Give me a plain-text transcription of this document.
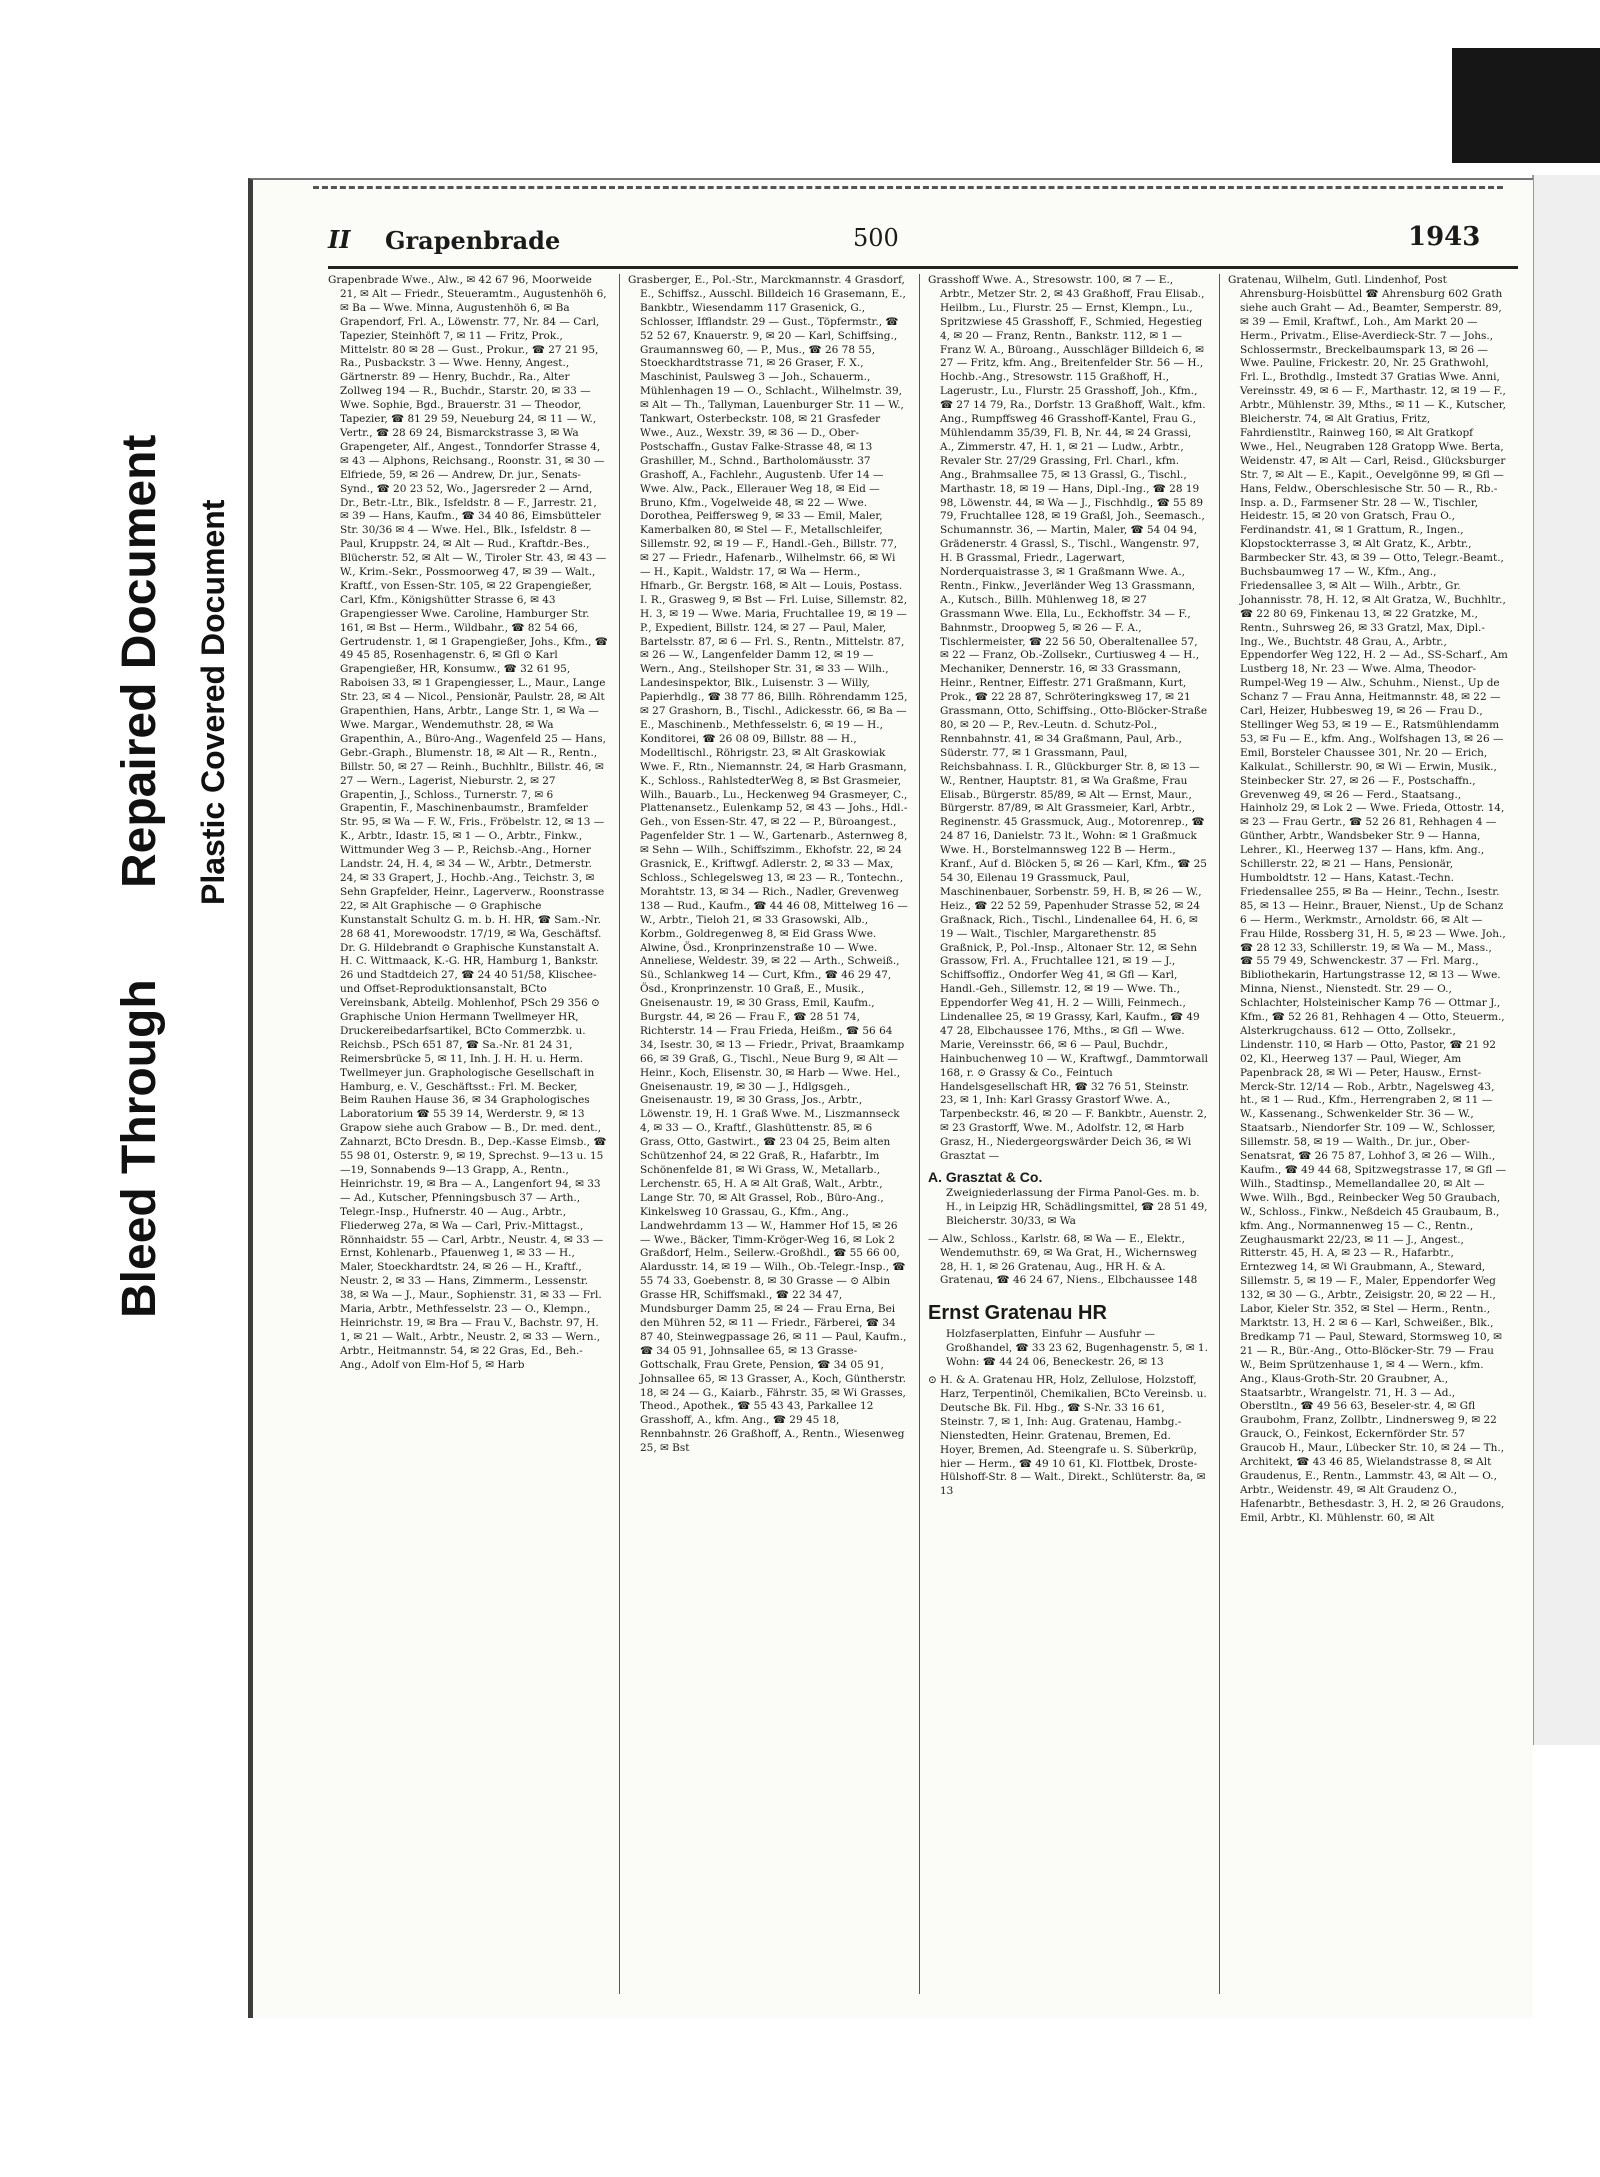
Bleed Through
Repaired Document Plastic Covered Document
II Grapenbrade	500	1943

Grapenbrade Wwe., Alw., ✉ 42 67 96, Moorweide 21, ✉ Alt — Friedr., Steueramtm., Augustenhöh 6, ✉ Ba — Wwe. Minna, Augustenhöh 6, ✉ Ba Grapendorf, Frl. A., Löwenstr. 77, Nr. 84 — Carl, Tapezier, Steinhöft 7, ✉ 11 — Fritz, Prok., Mittelstr. 80 ✉ 28 — Gust., Prokur., ☎ 27 21 95, Ra., Pusbackstr. 3 — Wwe. Henny, Angest., Gärtnerstr. 89 — Henry, Buchdr., Ra., Alter Zollweg 194 — R., Buchdr., Starstr. 20, ✉ 33 — Wwe. Sophie, Bgd., Brauerstr. 31 — Theodor, Tapezier, ☎ 81 29 59, Neueburg 24, ✉ 11 — W., Vertr., ☎ 28 69 24, Bismarckstrasse 3, ✉ Wa Grapengeter, Alf., Angest., Tonndorfer Strasse 4, ✉ 43 — Alphons, Reichsang., Roonstr. 31, ✉ 30 — Elfriede, 59, ✉ 26 — Andrew, Dr. jur., Senats-Synd., ☎ 20 23 52, Wo., Jagersreder 2 — Arnd, Dr., Betr.-Ltr., Blk., Isfeldstr. 8 — F., Jarrestr. 21, ✉ 39 — Hans, Kaufm., ☎ 34 40 86, Eimsbütteler Str. 30/36 ✉ 4 — Wwe. Hel., Blk., Isfeldstr. 8 — Paul, Kruppstr. 24, ✉ Alt — Rud., Kraftdr.-Bes., Blücherstr. 52, ✉ Alt — W., Tiroler Str. 43, ✉ 43 — W., Krim.-Sekr., Possmoorweg 47, ✉ 39 — Walt., Kraftf., von Essen-Str. 105, ✉ 22 Grapengießer, Carl, Kfm., Königshütter Strasse 6, ✉ 43 Grapengiesser Wwe. Caroline, Hamburger Str. 161, ✉ Bst — Herm., Wildbahr., ☎ 82 54 66, Gertrudenstr. 1, ✉ 1 Grapengießer, Johs., Kfm., ☎ 49 45 85, Rosenhagenstr. 6, ✉ Gfl ⊙ Karl Grapengießer, HR, Konsumw., ☎ 32 61 95, Raboisen 33, ✉ 1 Grapengiesser, L., Maur., Lange Str. 23, ✉ 4 — Nicol., Pensionär, Paulstr. 28, ✉ Alt Grapenthien, Hans, Arbtr., Lange Str. 1, ✉ Wa — Wwe. Margar., Wendemuthstr. 28, ✉ Wa Grapenthin, A., Büro-Ang., Wagenfeld 25 — Hans, Gebr.-Graph., Blumenstr. 18, ✉ Alt — R., Rentn., Billstr. 50, ✉ 27 — Reinh., Buchhltr., Billstr. 46, ✉ 27 — Wern., Lagerist, Nieburstr. 2, ✉ 27 Grapentin, J., Schloss., Turnerstr. 7, ✉ 6 Grapentin, F., Maschinenbaumstr., Bramfelder Str. 95, ✉ Wa — F. W., Fris., Fröbelstr. 12, ✉ 13 — K., Arbtr., Idastr. 15, ✉ 1 — O., Arbtr., Finkw., Wittmunder Weg 3 — P., Reichsb.-Ang., Horner Landstr. 24, H. 4, ✉ 34 — W., Arbtr., Detmerstr. 24, ✉ 33 Grapert, J., Hochb.-Ang., Teichstr. 3, ✉ Sehn Grapfelder, Heinr., Lagerverw., Roonstrasse 22, ✉ Alt Graphische — ⊙ Graphische Kunstanstalt Schultz G. m. b. H. HR, ☎ Sam.-Nr. 28 68 41, Morewoodstr. 17/19, ✉ Wa, Geschäftsf. Dr. G. Hildebrandt ⊙ Graphische Kunstanstalt A. H. C. Wittmaack, K.-G. HR, Hamburg 1, Bankstr. 26 und Stadtdeich 27, ☎ 24 40 51/58, Klischee- und Offset-Reproduktionsanstalt, BCto Vereinsbank, Abteilg. Mohlenhof, PSch 29 356 ⊙ Graphische Union Hermann Twellmeyer HR, Druckereibedarfsartikel, BCto Commerzbk. u. Reichsb., PSch 651 87, ☎ Sa.-Nr. 81 24 31, Reimersbrücke 5, ✉ 11, Inh. J. H. H. u. Herm. Twellmeyer jun. Graphologische Gesellschaft in Hamburg, e. V., Geschäftsst.: Frl. M. Becker, Beim Rauhen Hause 36, ✉ 34 Graphologisches Laboratorium ☎ 55 39 14, Werderstr. 9, ✉ 13 Grapow siehe auch Grabow — B., Dr. med. dent., Zahnarzt, BCto Dresdn. B., Dep.-Kasse Eimsb., ☎ 55 98 01, Osterstr. 9, ✉ 19, Sprechst. 9—13 u. 15—19, Sonnabends 9—13 Grapp, A., Rentn., Heinrichstr. 19, ✉ Bra — A., Langenfort 94, ✉ 33 — Ad., Kutscher, Pfenningsbusch 37 — Arth., Telegr.-Insp., Hufnerstr. 40 — Aug., Arbtr., Fliederweg 27a, ✉ Wa — Carl, Priv.-Mittagst., Rönnhaidstr. 55 — Carl, Arbtr., Neustr. 4, ✉ 33 — Ernst, Kohlenarb., Pfauenweg 1, ✉ 33 — H., Maler, Stoeckhardtstr. 24, ✉ 26 — H., Kraftf., Neustr. 2, ✉ 33 — Hans, Zimmerm., Lessenstr. 38, ✉ Wa — J., Maur., Sophienstr. 31, ✉ 33 — Frl. Maria, Arbtr., Methfesselstr. 23 — O., Klempn., Heinrichstr. 19, ✉ Bra — Frau V., Bachstr. 97, H. 1, ✉ 21 — Walt., Arbtr., Neustr. 2, ✉ 33 — Wern., Arbtr., Heitmannstr. 54, ✉ 22 Gras, Ed., Beh.-Ang., Adolf von Elm-Hof 5, ✉ Harb

Grasberger, E., Pol.-Str., Marckmannstr. 4 Grasdorf, E., Schiffsz., Ausschl. Billdeich 16 Grasemann, E., Bankbtr., Wiesendamm 117 Grasenick, G., Schlosser, Ifflandstr. 29 — Gust., Töpfermstr., ☎ 52 52 67, Knauerstr. 9, ✉ 20 — Karl, Schiffsing., Graumannsweg 60, — P., Mus., ☎ 26 78 55, Stoeckhardtstrasse 71, ✉ 26 Graser, F. X., Maschinist, Paulsweg 3 — Joh., Schauerm., Mühlenhagen 19 — O., Schlacht., Wilhelmstr. 39, ✉ Alt — Th., Tallyman, Lauenburger Str. 11 — W., Tankwart, Osterbeckstr. 108, ✉ 21 Grasfeder Wwe., Auz., Wexstr. 39, ✉ 36 — D., Ober-Postschaffn., Gustav Falke-Strasse 48, ✉ 13 Grashiller, M., Schnd., Bartholomäusstr. 37 Grashoff, A., Fachlehr., Augustenb. Ufer 14 — Wwe. Alw., Pack., Ellerauer Weg 18, ✉ Eid — Bruno, Kfm., Vogelweide 48, ✉ 22 — Wwe. Dorothea, Peiffersweg 9, ✉ 33 — Emil, Maler, Kamerbalken 80, ✉ Stel — F., Metallschleifer, Sillemstr. 92, ✉ 19 — F., Handl.-Geh., Billstr. 77, ✉ 27 — Friedr., Hafenarb., Wilhelmstr. 66, ✉ Wi — H., Kapit., Waldstr. 17, ✉ Wa — Herm., Hfnarb., Gr. Bergstr. 168, ✉ Alt — Louis, Postass. I. R., Grasweg 9, ✉ Bst — Frl. Luise, Sillemstr. 82, H. 3, ✉ 19 — Wwe. Maria, Fruchtallee 19, ✉ 19 — P., Expedient, Billstr. 124, ✉ 27 — Paul, Maler, Bartelsstr. 87, ✉ 6 — Frl. S., Rentn., Mittelstr. 87, ✉ 26 — W., Langenfelder Damm 12, ✉ 19 — Wern., Ang., Steilshoper Str. 31, ✉ 33 — Wilh., Landesinspektor, Blk., Luisenstr. 3 — Willy, Papierhdlg., ☎ 38 77 86, Billh. Röhrendamm 125, ✉ 27 Grashorn, B., Tischl., Adickesstr. 66, ✉ Ba — E., Maschinenb., Methfesselstr. 6, ✉ 19 — H., Konditorei, ☎ 26 08 09, Billstr. 88 — H., Modelltischl., Röhrigstr. 23, ✉ Alt Graskowiak Wwe. F., Rtn., Niemannstr. 24, ✉ Harb Grasmann, K., Schloss., RahlstedterWeg 8, ✉ Bst Grasmeier, Wilh., Bauarb., Lu., Heckenweg 94 Grasmeyer, C., Plattenansetz., Eulenkamp 52, ✉ 43 — Johs., Hdl.-Geh., von Essen-Str. 47, ✉ 22 — P., Büroangest., Pagenfelder Str. 1 — W., Gartenarb., Asternweg 8, ✉ Sehn — Wilh., Schiffszimm., Ekhofstr. 22, ✉ 24 Grasnick, E., Kriftwgf. Adlerstr. 2, ✉ 33 — Max, Schloss., Schlegelsweg 13, ✉ 23 — R., Tontechn., Morahtstr. 13, ✉ 34 — Rich., Nadler, Grevenweg 138 — Rud., Kaufm., ☎ 44 46 08, Mittelweg 16 — W., Arbtr., Tieloh 21, ✉ 33 Grasowski, Alb., Korbm., Goldregenweg 8, ✉ Eid Grass Wwe. Alwine, Ösd., Kronprinzenstraße 10 — Wwe. Anneliese, Weldestr. 39, ✉ 22 — Arth., Schweiß., Sü., Schlankweg 14 — Curt, Kfm., ☎ 46 29 47, Ösd., Kronprinzenstr. 10 Graß, E., Musik., Gneisenaustr. 19, ✉ 30 Grass, Emil, Kaufm., Burgstr. 44, ✉ 26 — Frau F., ☎ 28 51 74, Richterstr. 14 — Frau Frieda, Heißm., ☎ 56 64 34, Isestr. 30, ✉ 13 — Friedr., Privat, Braamkamp 66, ✉ 39 Graß, G., Tischl., Neue Burg 9, ✉ Alt — Heinr., Koch, Elisenstr. 30, ✉ Harb — Wwe. Hel., Gneisenaustr. 19, ✉ 30 — J., Hdlgsgeh., Gneisenaustr. 19, ✉ 30 Grass, Jos., Arbtr., Löwenstr. 19, H. 1 Graß Wwe. M., Liszmannseck 4, ✉ 33 — O., Kraftf., Glashüttenstr. 85, ✉ 6 Grass, Otto, Gastwirt., ☎ 23 04 25, Beim alten Schützenhof 24, ✉ 22 Graß, R., Hafarbtr., Im Schönenfelde 81, ✉ Wi Grass, W., Metallarb., Lerchenstr. 65, H. A ✉ Alt Graß, Walt., Arbtr., Lange Str. 70, ✉ Alt Grassel, Rob., Büro-Ang., Kinkelsweg 10 Grassau, G., Kfm., Ang., Landwehrdamm 13 — W., Hammer Hof 15, ✉ 26 — Wwe., Bäcker, Timm-Kröger-Weg 16, ✉ Lok 2 Graßdorf, Helm., Seilerw.-Großhdl., ☎ 55 66 00, Alardusstr. 14, ✉ 19 — Wilh., Ob.-Telegr.-Insp., ☎ 55 74 33, Goebenstr. 8, ✉ 30 Grasse — ⊙ Albin Grasse HR, Schiffsmakl., ☎ 22 34 47, Mundsburger Damm 25, ✉ 24 — Frau Erna, Bei den Mühren 52, ✉ 11 — Friedr., Färberei, ☎ 34 87 40, Steinwegpassage 26, ✉ 11 — Paul, Kaufm., ☎ 34 05 91, Johnsallee 65, ✉ 13 Grasse-Gottschalk, Frau Grete, Pension, ☎ 34 05 91, Johnsallee 65, ✉ 13 Grasser, A., Koch, Güntherstr. 18, ✉ 24 — G., Kaiarb., Fährstr. 35, ✉ Wi Grasses, Theod., Apothek., ☎ 55 43 43, Parkallee 12 Grasshoff, A., kfm. Ang., ☎ 29 45 18, Rennbahnstr. 26 Graßhoff, A., Rentn., Wiesenweg 25, ✉ Bst

Grasshoff Wwe. A., Stresowstr. 100, ✉ 7 — E., Arbtr., Metzer Str. 2, ✉ 43 Graßhoff, Frau Elisab., Heilbm., Lu., Flurstr. 25 — Ernst, Klempn., Lu., Spritzwiese 45 Grasshoff, F., Schmied, Hegestieg 4, ✉ 20 — Franz, Rentn., Bankstr. 112, ✉ 1 — Franz W. A., Büroang., Ausschläger Billdeich 6, ✉ 27 — Fritz, kfm. Ang., Breitenfelder Str. 56 — H., Hochb.-Ang., Stresowstr. 115 Graßhoff, H., Lagerustr., Lu., Flurstr. 25 Grasshoff, Joh., Kfm., ☎ 27 14 79, Ra., Dorfstr. 13 Graßhoff, Walt., kfm. Ang., Rumpffsweg 46 Grasshoff-Kantel, Frau G., Mühlendamm 35/39, Fl. B, Nr. 44, ✉ 24 Grassi, A., Zimmerstr. 47, H. 1, ✉ 21 — Ludw., Arbtr., Revaler Str. 27/29 Grassing, Frl. Charl., kfm. Ang., Brahmsallee 75, ✉ 13 Grassl, G., Tischl., Marthastr. 18, ✉ 19 — Hans, Dipl.-Ing., ☎ 28 19 98, Löwenstr. 44, ✉ Wa — J., Fischhdlg., ☎ 55 89 79, Fruchtallee 128, ✉ 19 Graßl, Joh., Seemasch., Schumannstr. 36, — Martin, Maler, ☎ 54 04 94, Grädenerstr. 4 Grassl, S., Tischl., Wangenstr. 97, H. B Grassmal, Friedr., Lagerwart, Norderquaistrasse 3, ✉ 1 Graßmann Wwe. A., Rentn., Finkw., Jeverländer Weg 13 Grassmann, A., Kutsch., Billh. Mühlenweg 18, ✉ 27 Grassmann Wwe. Ella, Lu., Eckhoffstr. 34 — F., Bahnmstr., Droopweg 5, ✉ 26 — F. A., Tischlermeister, ☎ 22 56 50, Oberaltenallee 57, ✉ 22 — Franz, Ob.-Zollsekr., Curtiusweg 4 — H., Mechaniker, Dennerstr. 16, ✉ 33 Grassmann, Heinr., Rentner, Eiffestr. 271 Graßmann, Kurt, Prok., ☎ 22 28 87, Schröteringksweg 17, ✉ 21 Grassmann, Otto, Schiffsing., Otto-Blöcker-Straße 80, ✉ 20 — P., Rev.-Leutn. d. Schutz-Pol., Rennbahnstr. 41, ✉ 34 Graßmann, Paul, Arb., Süderstr. 77, ✉ 1 Grassmann, Paul, Reichsbahnass. I. R., Glückburger Str. 8, ✉ 13 — W., Rentner, Hauptstr. 81, ✉ Wa Graßme, Frau Elisab., Bürgerstr. 85/89, ✉ Alt — Ernst, Maur., Bürgerstr. 87/89, ✉ Alt Grassmeier, Karl, Arbtr., Reginenstr. 45 Grassmuck, Aug., Motorenrep., ☎ 24 87 16, Danielstr. 73 lt., Wohn: ✉ 1 Graßmuck Wwe. H., Borstelmannsweg 122 B — Herm., Kranf., Auf d. Blöcken 5, ✉ 26 — Karl, Kfm., ☎ 25 54 30, Eilenau 19 Grassmuck, Paul, Maschinenbauer, Sorbenstr. 59, H. B, ✉ 26 — W., Heiz., ☎ 22 52 59, Papenhuder Strasse 52, ✉ 24 Graßnack, Rich., Tischl., Lindenallee 64, H. 6, ✉ 19 — Walt., Tischler, Margarethenstr. 85 Graßnick, P., Pol.-Insp., Altonaer Str. 12, ✉ Sehn Grassow, Frl. A., Fruchtallee 121, ✉ 19 — J., Schiffsoffiz., Ondorfer Weg 41, ✉ Gfl — Karl, Handl.-Geh., Sillemstr. 12, ✉ 19 — Wwe. Th., Eppendorfer Weg 41, H. 2 — Willi, Feinmech., Lindenallee 25, ✉ 19 Grassy, Karl, Kaufm., ☎ 49 47 28, Elbchaussee 176, Mths., ✉ Gfl — Wwe. Marie, Vereinsstr. 66, ✉ 6 — Paul, Buchdr., Hainbuchenweg 10 — W., Kraftwgf., Dammtorwall 168, r. ⊙ Grassy & Co., Feintuch Handelsgesellschaft HR, ☎ 32 76 51, Steinstr. 23, ✉ 1, Inh: Karl Grassy Grastorf Wwe. A., Tarpenbeckstr. 46, ✉ 20 — F. Bankbtr., Auenstr. 2, ✉ 23 Grastorff, Wwe. M., Adolfstr. 12, ✉ Harb Grasz, H., Niedergeorgswärder Deich 36, ✉ Wi Grasztat —

A. Grasztat & Co.

Zweigniederlassung der Firma Panol-Ges. m. b. H., in Leipzig HR, Schädlingsmittel, ☎ 28 51 49, Bleicherstr. 30/33, ✉ Wa

— Alw., Schloss., Karlstr. 68, ✉ Wa — E., Elektr., Wendemuthstr. 69, ✉ Wa Grat, H., Wichernsweg 28, H. 1, ✉ 26 Gratenau, Aug., HR H. & A. Gratenau, ☎ 46 24 67, Niens., Elbchaussee 148

Ernst Gratenau HR

Holzfaserplatten, Einfuhr — Ausfuhr — Großhandel, ☎ 33 23 62, Bugenhagenstr. 5, ✉ 1. Wohn: ☎ 44 24 06, Beneckestr. 26, ✉ 13

⊙ H. & A. Gratenau HR, Holz, Zellulose, Holzstoff, Harz, Terpentinöl, Chemikalien, BCto Vereinsb. u. Deutsche Bk. Fil. Hbg., ☎ S-Nr. 33 16 61, Steinstr. 7, ✉ 1, Inh: Aug. Gratenau, Hambg.-Nienstedten, Heinr. Gratenau, Bremen, Ed. Hoyer, Bremen, Ad. Steengrafe u. S. Süberkrüp, hier — Herm., ☎ 49 10 61, Kl. Flottbek, Droste-Hülshoff-Str. 8 — Walt., Direkt., Schlüterstr. 8a, ✉ 13

Gratenau, Wilhelm, Gutl. Lindenhof, Post Ahrensburg-Hoisbüttel ☎ Ahrensburg 602 Grath siehe auch Graht — Ad., Beamter, Semperstr. 89, ✉ 39 — Emil, Kraftwf., Loh., Am Markt 20 — Herm., Privatm., Elise-Averdieck-Str. 7 — Johs., Schlossermstr., Breckelbaumspark 13, ✉ 26 — Wwe. Pauline, Frickestr. 20, Nr. 25 Grathwohl, Frl. L., Brothdlg., Imstedt 37 Gratias Wwe. Anni, Vereinsstr. 49, ✉ 6 — F., Marthastr. 12, ✉ 19 — F., Arbtr., Mühlenstr. 39, Mths., ✉ 11 — K., Kutscher, Bleicherstr. 74, ✉ Alt Gratius, Fritz, Fahrdienstltr., Rainweg 160, ✉ Alt Gratkopf Wwe., Hel., Neugraben 128 Gratopp Wwe. Berta, Weidenstr. 47, ✉ Alt — Carl, Reisd., Glücksburger Str. 7, ✉ Alt — E., Kapit., Oevelgönne 99, ✉ Gfl — Hans, Feldw., Oberschlesische Str. 50 — R., Rb.-Insp. a. D., Farmsener Str. 28 — W., Tischler, Heidestr. 15, ✉ 20 von Gratsch, Frau O., Ferdinandstr. 41, ✉ 1 Grattum, R., Ingen., Klopstockterrasse 3, ✉ Alt Gratz, K., Arbtr., Barmbecker Str. 43, ✉ 39 — Otto, Telegr.-Beamt., Buchsbaumweg 17 — W., Kfm., Ang., Friedensallee 3, ✉ Alt — Wilh., Arbtr., Gr. Johannisstr. 78, H. 12, ✉ Alt Gratza, W., Buchhltr., ☎ 22 80 69, Finkenau 13, ✉ 22 Gratzke, M., Rentn., Suhrsweg 26, ✉ 33 Gratzl, Max, Dipl.-Ing., We., Buchtstr. 48 Grau, A., Arbtr., Eppendorfer Weg 122, H. 2 — Ad., SS-Scharf., Am Lustberg 18, Nr. 23 — Wwe. Alma, Theodor-Rumpel-Weg 19 — Alw., Schuhm., Nienst., Up de Schanz 7 — Frau Anna, Heitmannstr. 48, ✉ 22 — Carl, Heizer, Hubbesweg 19, ✉ 26 — Frau D., Stellinger Weg 53, ✉ 19 — E., Ratsmühlendamm 53, ✉ Fu — E., kfm. Ang., Wolfshagen 13, ✉ 26 — Emil, Borsteler Chaussee 301, Nr. 20 — Erich, Kalkulat., Schillerstr. 90, ✉ Wi — Erwin, Musik., Steinbecker Str. 27, ✉ 26 — F., Postschaffn., Grevenweg 49, ✉ 26 — Ferd., Staatsang., Hainholz 29, ✉ Lok 2 — Wwe. Frieda, Ottostr. 14, ✉ 23 — Frau Gertr., ☎ 52 26 81, Rehhagen 4 — Günther, Arbtr., Wandsbeker Str. 9 — Hanna, Lehrer., Kl., Heerweg 137 — Hans, kfm. Ang., Schillerstr. 22, ✉ 21 — Hans, Pensionär, Humboldtstr. 12 — Hans, Katast.-Techn. Friedensallee 255, ✉ Ba — Heinr., Techn., Isestr. 85, ✉ 13 — Heinr., Brauer, Nienst., Up de Schanz 6 — Herm., Werkmstr., Arnoldstr. 66, ✉ Alt — Frau Hilde, Rossberg 31, H. 5, ✉ 23 — Wwe. Joh., ☎ 28 12 33, Schillerstr. 19, ✉ Wa — M., Mass., ☎ 55 79 49, Schwenckestr. 37 — Frl. Marg., Bibliothekarin, Hartungstrasse 12, ✉ 13 — Wwe. Minna, Nienst., Nienstedt. Str. 29 — O., Schlachter, Holsteinischer Kamp 76 — Ottmar J., Kfm., ☎ 52 26 81, Rehhagen 4 — Otto, Steuerm., Alsterkrugchauss. 612 — Otto, Zollsekr., Lindenstr. 110, ✉ Harb — Otto, Pastor, ☎ 21 92 02, Kl., Heerweg 137 — Paul, Wieger, Am Papenbrack 28, ✉ Wi — Peter, Hausw., Ernst-Merck-Str. 12/14 — Rob., Arbtr., Nagelsweg 43, ht., ✉ 1 — Rud., Kfm., Herrengraben 2, ✉ 11 — W., Kassenang., Schwenkelder Str. 36 — W., Staatsarb., Niendorfer Str. 109 — W., Schlosser, Sillemstr. 58, ✉ 19 — Walth., Dr. jur., Ober-Senatsrat, ☎ 26 75 87, Lohhof 3, ✉ 26 — Wilh., Kaufm., ☎ 49 44 68, Spitzwegstrasse 17, ✉ Gfl — Wilh., Stadtinsp., Memellandallee 20, ✉ Alt — Wwe. Wilh., Bgd., Reinbecker Weg 50 Graubach, W., Schloss., Finkw., Neßdeich 45 Graubaum, B., kfm. Ang., Normannenweg 15 — C., Rentn., Zeughausmarkt 22/23, ✉ 11 — J., Angest., Ritterstr. 45, H. A, ✉ 23 — R., Hafarbtr., Erntezweg 14, ✉ Wi Graubmann, A., Steward, Sillemstr. 5, ✉ 19 — F., Maler, Eppendorfer Weg 132, ✉ 30 — G., Arbtr., Zeisigstr. 20, ✉ 22 — H., Labor, Kieler Str. 352, ✉ Stel — Herm., Rentn., Marktstr. 13, H. 2 ✉ 6 — Karl, Schweißer., Blk., Bredkamp 71 — Paul, Steward, Stormsweg 10, ✉ 21 — R., Bür.-Ang., Otto-Blöcker-Str. 79 — Frau W., Beim Sprützenhause 1, ✉ 4 — Wern., kfm. Ang., Klaus-Groth-Str. 20 Graubner, A., Staatsarbtr., Wrangelstr. 71, H. 3 — Ad., Oberstltn., ☎ 49 56 63, Beseler-str. 4, ✉ Gfl Graubohm, Franz, Zollbtr., Lindnersweg 9, ✉ 22 Grauck, O., Feinkost, Eckernförder Str. 57 Graucob H., Maur., Lübecker Str. 10, ✉ 24 — Th., Architekt, ☎ 43 46 85, Wielandstrasse 8, ✉ Alt Graudenus, E., Rentn., Lammstr. 43, ✉ Alt — O., Arbtr., Weidenstr. 49, ✉ Alt Graudenz O., Hafenarbtr., Bethesdastr. 3, H. 2, ✉ 26 Graudons, Emil, Arbtr., Kl. Mühlenstr. 60, ✉ Alt
